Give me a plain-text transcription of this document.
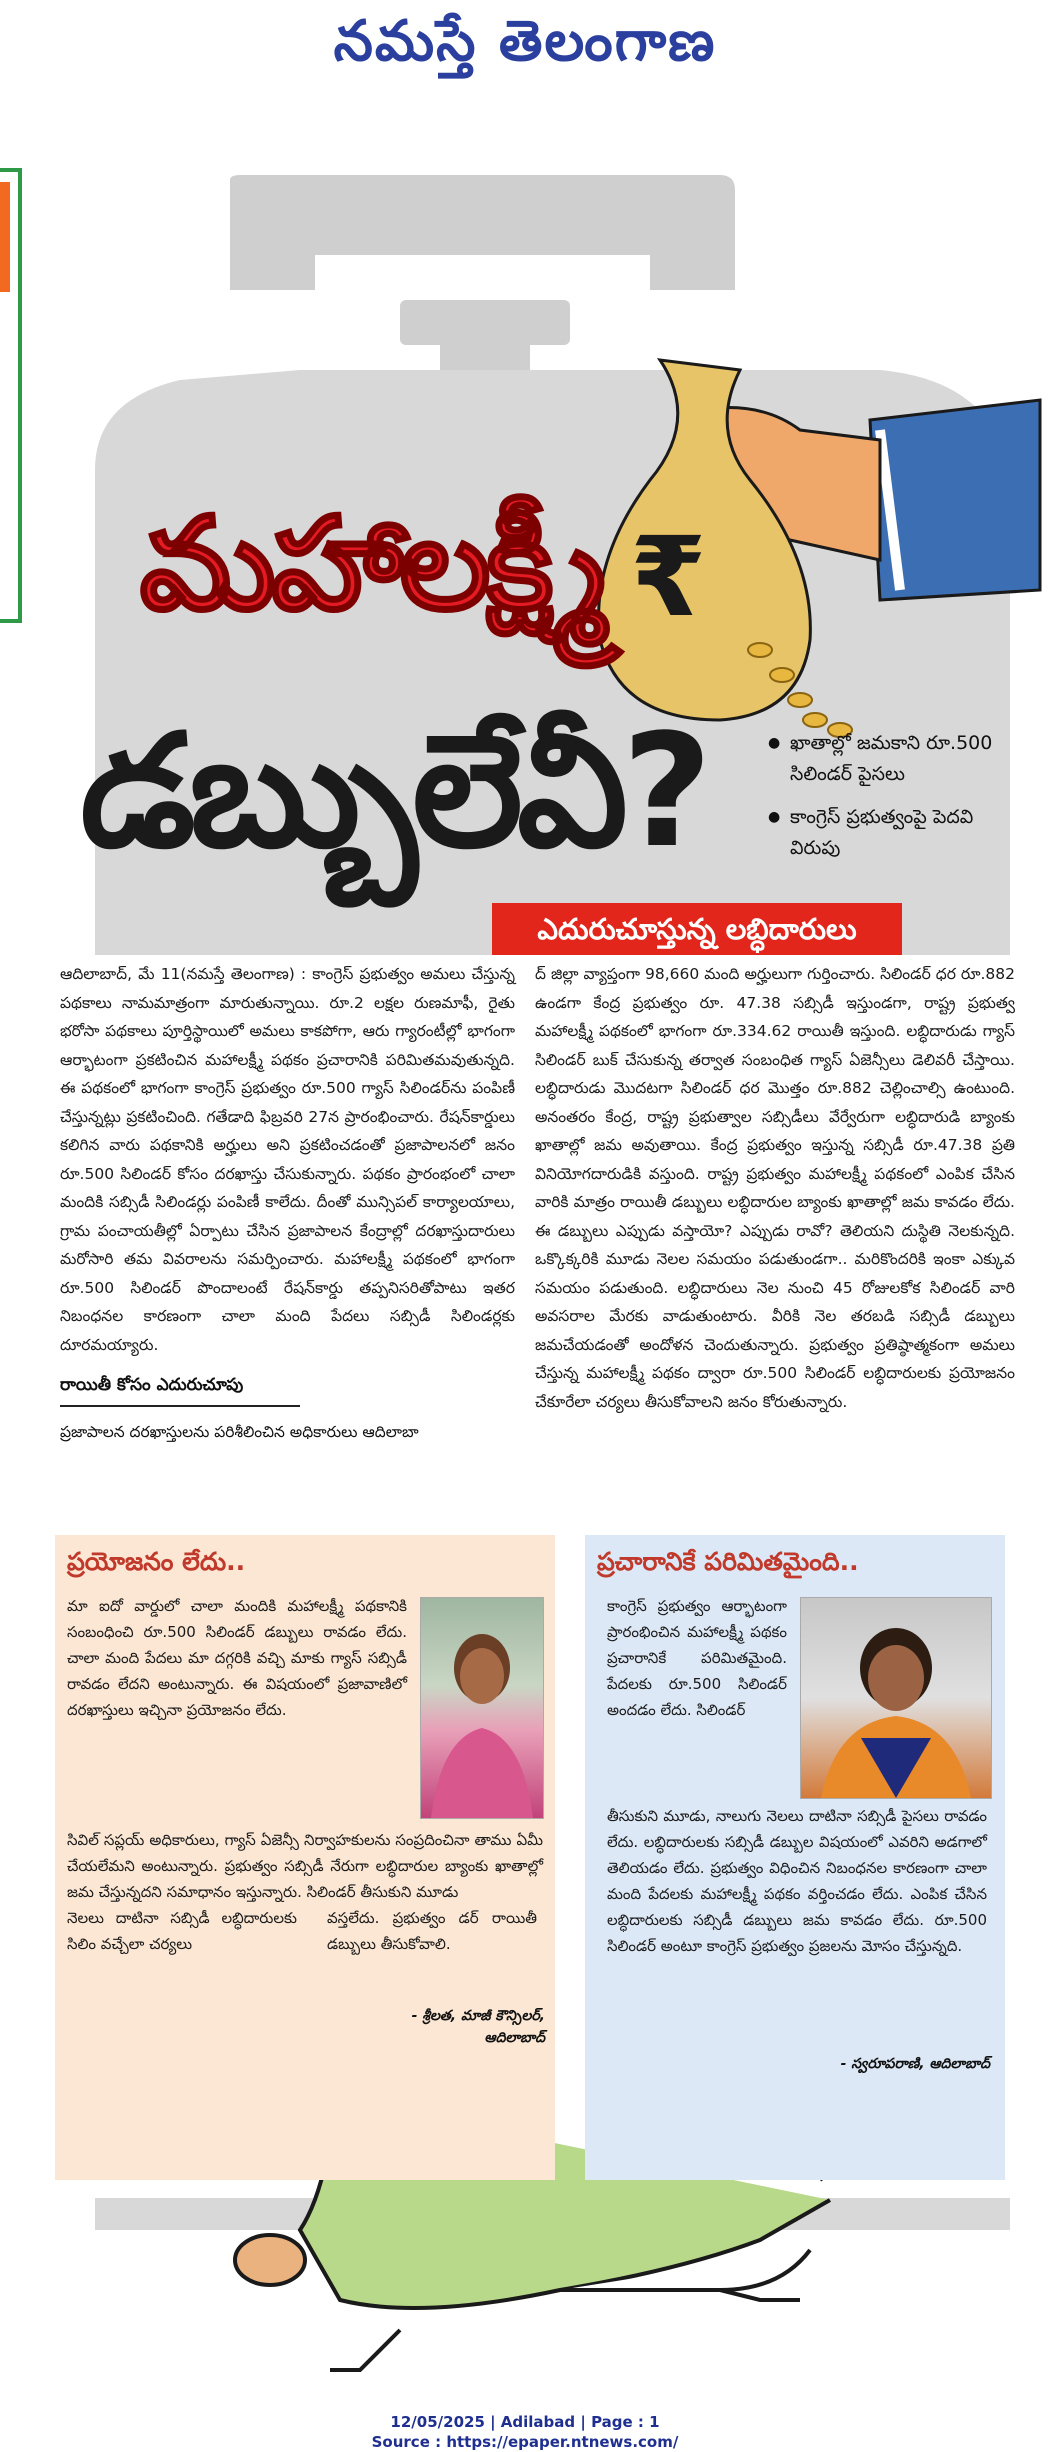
₹
నమస్తే తెలంగాణ
మహాలక్ష్మీ
డబ్బులేవీ?
●	ఖాతాల్లో జమకాని రూ.500 సిలిండర్ పైసలు
● కాంగ్రెస్ ప్రభుత్వంపై పెదవి విరుపు
ఎదురుచూస్తున్న లబ్ధిదారులు
ఆదిలాబాద్, మే 11(నమస్తే తెలంగాణ) : కాంగ్రెస్ ప్రభుత్వం అమలు చేస్తున్న పథకాలు నామమాత్రంగా మారుతున్నాయి. రూ.2 లక్షల రుణమాఫీ, రైతు భరోసా పథకాలు పూర్తిస్థాయిలో అమలు కాకపోగా, ఆరు గ్యారంటీల్లో భాగంగా ఆర్భాటంగా ప్రకటించిన మహాలక్ష్మీ పథకం ప్రచారానికి పరిమితమవుతున్నది. ఈ పథకంలో భాగంగా కాంగ్రెస్ ప్రభుత్వం రూ.500 గ్యాస్ సిలిండర్‌ను పంపిణీ చేస్తున్నట్లు ప్రకటించింది. గతేడాది ఫిబ్రవరి 27న ప్రారంభించారు. రేషన్‌కార్డులు కలిగిన వారు పథకానికి అర్హులు అని ప్రకటించడంతో ప్రజాపాలనలో జనం రూ.500 సిలిండర్ కోసం దరఖాస్తు చేసుకున్నారు. పథకం ప్రారంభంలో చాలా మందికి సబ్సిడీ సిలిండర్లు పంపిణీ కాలేదు. దీంతో మున్సిపల్ కార్యాలయాలు, గ్రామ పంచాయతీల్లో ఏర్పాటు చేసిన ప్రజాపాలన కేంద్రాల్లో దరఖాస్తుదారులు మరోసారి తమ వివరాలను సమర్పించారు. మహాలక్ష్మీ పథకంలో భాగంగా రూ.500 సిలిండర్ పొందాలంటే రేషన్‌కార్డు తప్పనిసరితోపాటు ఇతర నిబంధనల కారణంగా చాలా మంది పేదలు సబ్సిడీ సిలిండర్లకు దూరమయ్యారు.
రాయితీ కోసం ఎదురుచూపు
ప్రజాపాలన దరఖాస్తులను పరిశీలించిన అధికారులు ఆదిలాబా
ద్ జిల్లా వ్యాప్తంగా 98,660 మంది అర్హులుగా గుర్తించారు. సిలిండర్ ధర రూ.882 ఉండగా కేంద్ర ప్రభుత్వం రూ. 47.38 సబ్సిడీ ఇస్తుండగా, రాష్ట్ర ప్రభుత్వ మహాలక్ష్మీ పథకంలో భాగంగా రూ.334.62 రాయితీ ఇస్తుంది. లబ్ధిదారుడు గ్యాస్ సిలిండర్ బుక్ చేసుకున్న తర్వాత సంబంధిత గ్యాస్ ఏజెన్సీలు డెలివరీ చేస్తాయి. లబ్ధిదారుడు మొదటగా సిలిండర్ ధర మొత్తం రూ.882 చెల్లించాల్సి ఉంటుంది. అనంతరం కేంద్ర, రాష్ట్ర ప్రభుత్వాల సబ్సిడీలు వేర్వేరుగా లబ్ధిదారుడి బ్యాంకు ఖాతాల్లో జమ అవుతాయి. కేంద్ర ప్రభుత్వం ఇస్తున్న సబ్సిడీ రూ.47.38 ప్రతి వినియోగదారుడికి వస్తుంది. రాష్ట్ర ప్రభుత్వం మహాలక్ష్మీ పథకంలో ఎంపిక చేసిన వారికి మాత్రం రాయితీ డబ్బులు లబ్ధిదారుల బ్యాంకు ఖాతాల్లో జమ కావడం లేదు. ఈ డబ్బులు ఎప్పుడు వస్తాయో? ఎప్పుడు రావో? తెలియని దుస్థితి నెలకున్నది. ఒక్కొక్కరికి మూడు నెలల సమయం పడుతుండగా.. మరికొందరికి ఇంకా ఎక్కువ సమయం పడుతుంది. లబ్ధిదారులు నెల నుంచి 45 రోజులకోక సిలిండర్ వారి అవసరాల మేరకు వాడుతుంటారు. వీరికి నెల తరబడి సబ్సిడీ డబ్బులు జమచేయడంతో అందోళన చెందుతున్నారు. ప్రభుత్వం ప్రతిష్ఠాత్మకంగా అమలు చేస్తున్న మహాలక్ష్మీ పథకం ద్వారా రూ.500 సిలిండర్ లబ్ధిదారులకు ప్రయోజనం చేకూరేలా చర్యలు తీసుకోవాలని జనం కోరుతున్నారు.
ప్రయోజనం లేదు..
మా ఐదో వార్డులో చాలా మందికి మహాలక్ష్మీ పథకానికి సంబంధించి రూ.500 సిలిండర్ డబ్బులు రావడం లేదు. చాలా మంది పేదలు మా దగ్గరికి వచ్చి మాకు గ్యాస్ సబ్సిడీ రావడం లేదని అంటున్నారు. ఈ విషయంలో ప్రజావాణిలో దరఖాస్తులు ఇచ్చినా ప్రయోజనం లేదు.
సివిల్ సప్లయ్ అధికారులు, గ్యాస్ ఏజెన్సీ నిర్వాహకులను సంప్రదించినా తాము ఏమీ చేయలేమని అంటున్నారు. ప్రభుత్వం సబ్సిడీ నేరుగా లబ్ధిదారుల బ్యాంకు ఖాతాల్లో జమ చేస్తున్నదని సమాధానం ఇస్తున్నారు. సిలిండర్ తీసుకుని మూడు
నెలలు దాటినా సబ్సిడీ లబ్ధిదారులకు సిలిం వచ్చేలా చర్యలు
వస్తలేదు. ప్రభుత్వం డర్ రాయితీ డబ్బులు తీసుకోవాలి.
- శ్రీలత, మాజీ కౌన్సిలర్, ఆదిలాబాద్
ప్రచారానికే పరిమితమైంది..
కాంగ్రెస్ ప్రభుత్వం ఆర్భాటంగా ప్రారంభించిన మహాలక్ష్మీ పథకం ప్రచారానికే పరిమితమైంది. పేదలకు రూ.500 సిలిండర్ అందడం లేదు. సిలిండర్
తీసుకుని మూడు, నాలుగు నెలలు దాటినా సబ్సిడీ పైసలు రావడం లేదు. లబ్ధిదారులకు సబ్సిడీ డబ్బుల విషయంలో ఎవరిని అడగాలో తెలియడం లేదు. ప్రభుత్వం విధించిన నిబంధనల కారణంగా చాలా మంది పేదలకు మహాలక్ష్మీ పథకం వర్తించడం లేదు. ఎంపిక చేసిన లబ్ధిదారులకు సబ్సిడీ డబ్బులు జమ కావడం లేదు. రూ.500 సిలిండర్ అంటూ కాంగ్రెస్ ప్రభుత్వం ప్రజలను మోసం చేస్తున్నది.
- స్వరూపరాణి, ఆదిలాబాద్
12/05/2025 | Adilabad | Page : 1
Source : https://epaper.ntnews.com/
